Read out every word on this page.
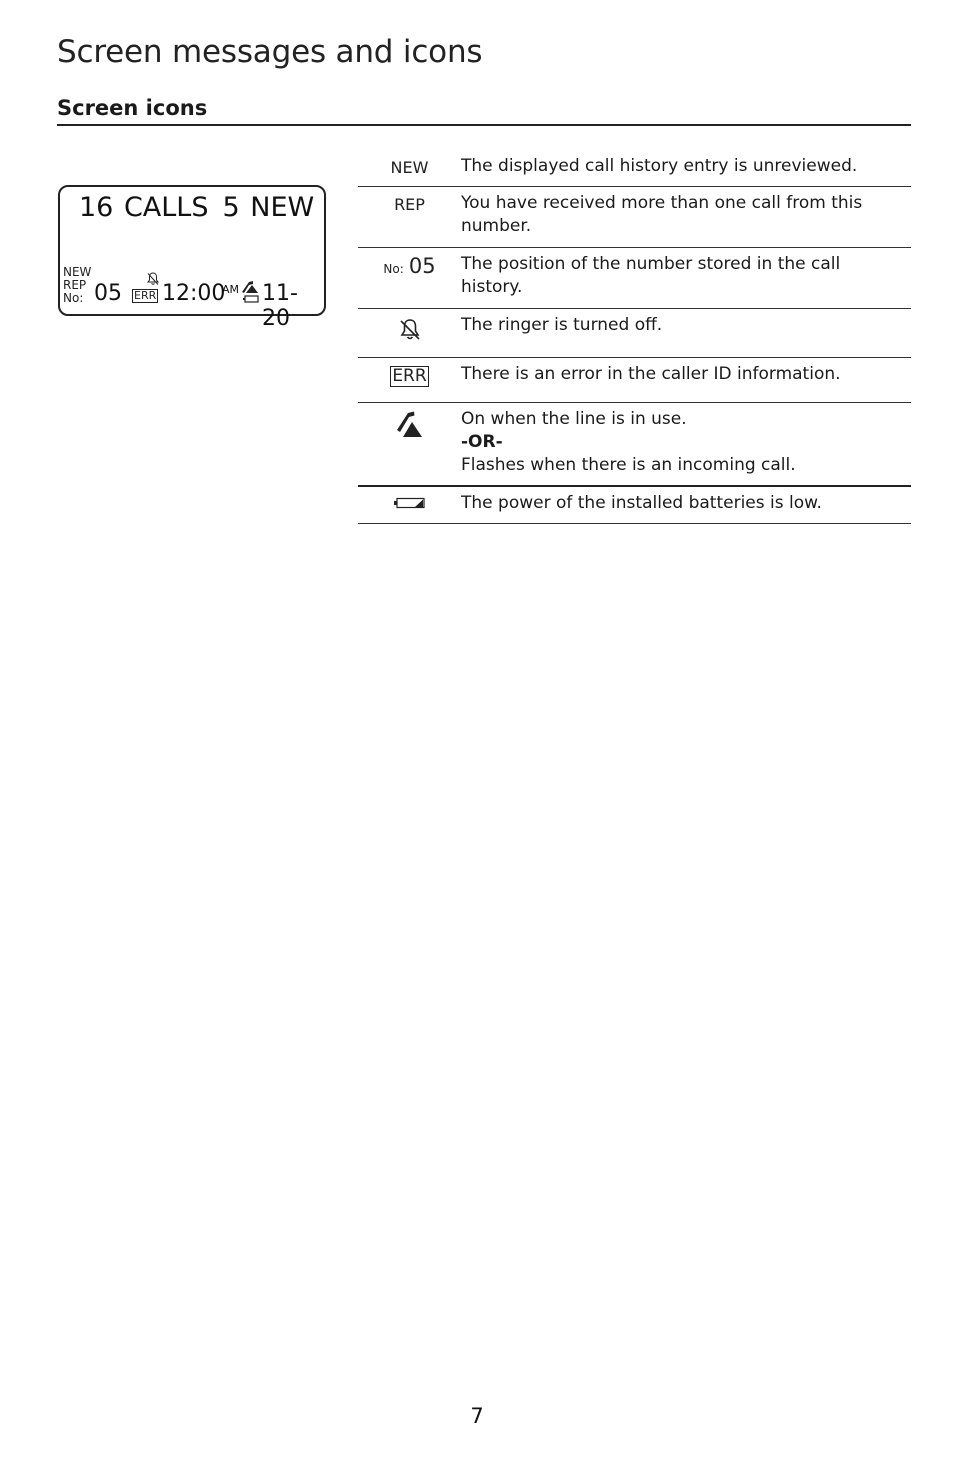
Screen messages and icons
Screen icons
16 CALLS 5 NEW
NEW
REP
No: 05 ERR 12:00
AM 11-20
NEW	The displayed call history entry is unreviewed.
REP	You have received more than one call from this number.
No: 05	The position of the number stored in the call history.
The ringer is turned off.
ERR	There is an error in the caller ID information.
On when the line is in use.
-OR-
Flashes when there is an incoming call.
The power of the installed batteries is low.
7
